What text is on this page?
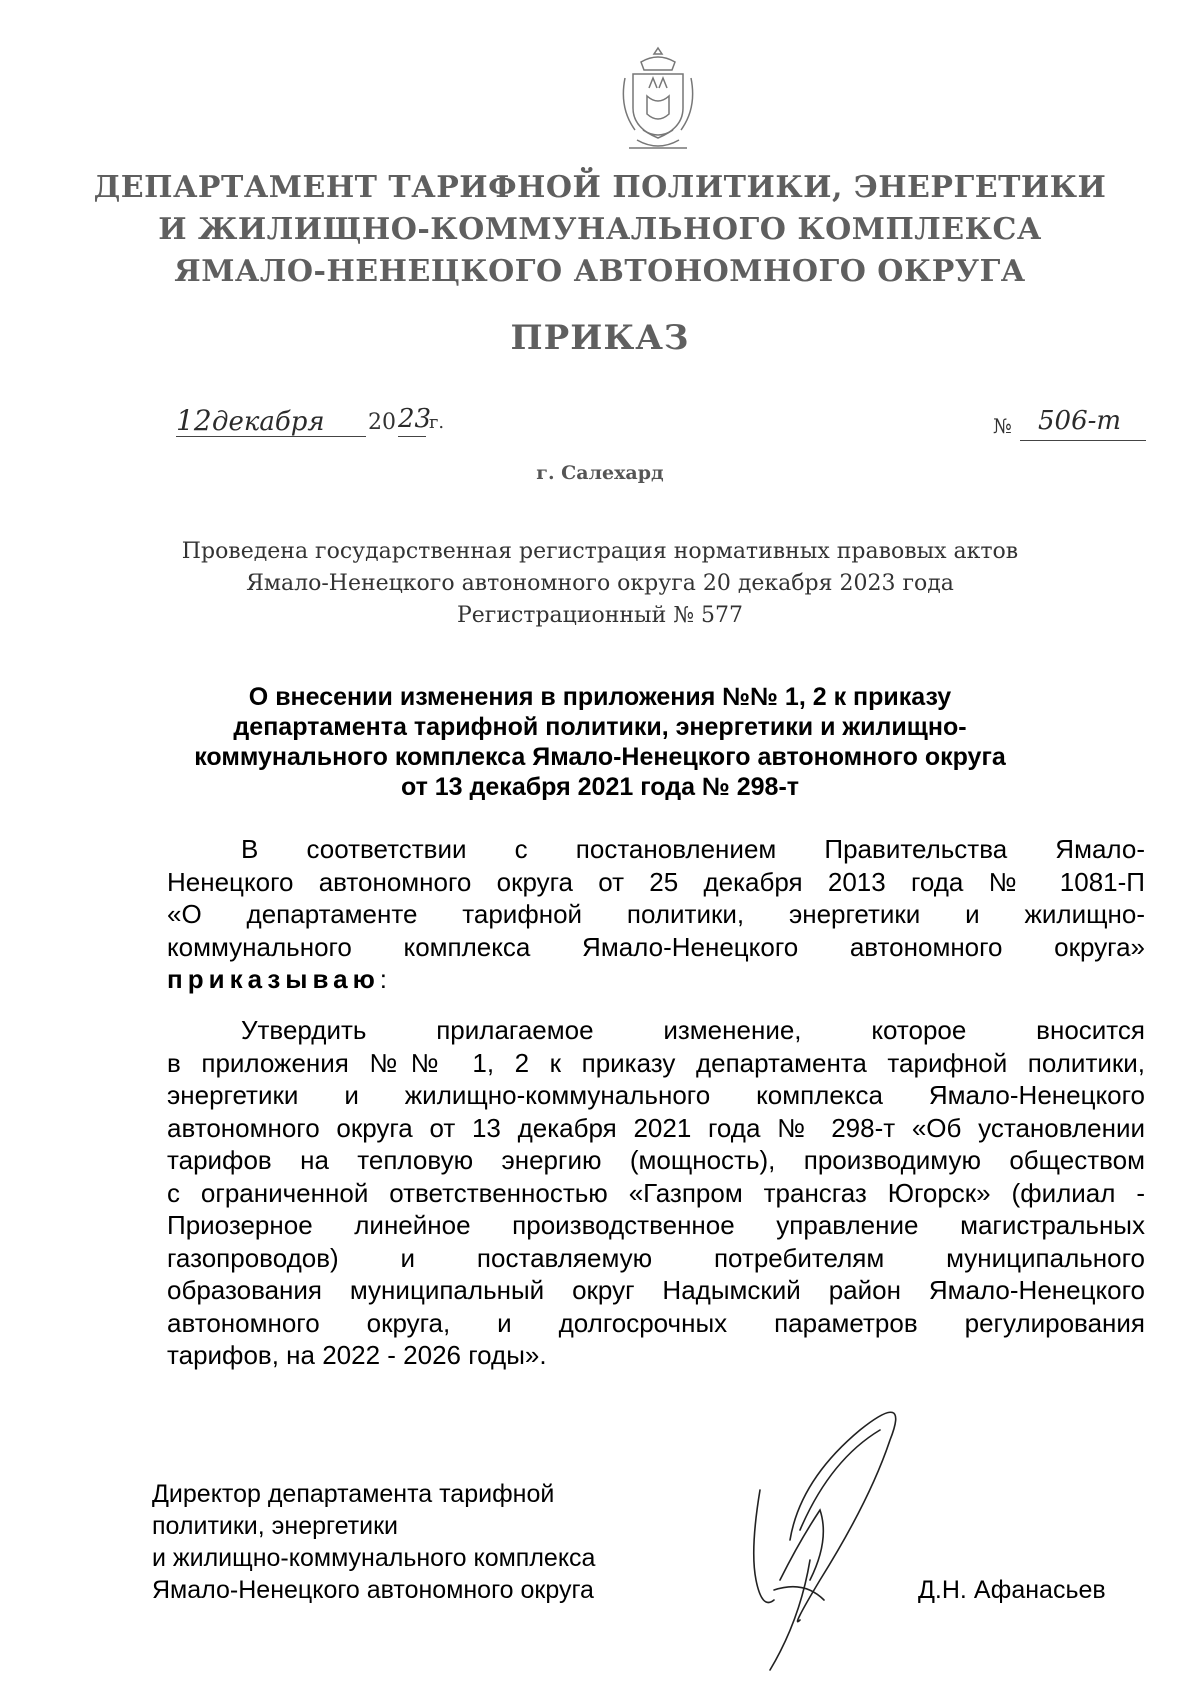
ДЕПАРТАМЕНТ ТАРИФНОЙ ПОЛИТИКИ, ЭНЕРГЕТИКИ
И ЖИЛИЩНО-КОММУНАЛЬНОГО КОМПЛЕКСА
ЯМАЛО-НЕНЕЦКОГО АВТОНОМНОГО ОКРУГА
ПРИКАЗ
12 декабря 20 23
г.	№ 506-т
г. Салехард
Проведена государственная регистрация нормативных правовых актов
Ямало-Ненецкого автономного округа 20 декабря 2023 года
Регистрационный № 577
О внесении изменения в приложения №№ 1, 2 к приказу
департамента тарифной политики, энергетики и жилищно-
коммунального комплекса Ямало-Ненецкого автономного округа
от 13 декабря 2021 года № 298-т
В соответствии с постановлением Правительства Ямало-
Ненецкого автономного округа от 25 декабря 2013 года № 1081-П
«О департаменте тарифной политики, энергетики и жилищно-
коммунального комплекса Ямало-Ненецкого автономного округа»
приказываю:
Утвердить прилагаемое изменение, которое вносится
в приложения №№ 1, 2 к приказу департамента тарифной политики,
энергетики и жилищно-коммунального комплекса Ямало-Ненецкого
автономного округа от 13 декабря 2021 года № 298-т «Об установлении
тарифов на тепловую энергию (мощность), производимую обществом
с ограниченной ответственностью «Газпром трансгаз Югорск» (филиал -
Приозерное линейное производственное управление магистральных
газопроводов) и поставляемую потребителям муниципального
образования муниципальный округ Надымский район Ямало-Ненецкого
автономного округа, и долгосрочных параметров регулирования
тарифов, на 2022 - 2026 годы».
Директор департамента тарифной
политики, энергетики
и жилищно-коммунального комплекса
Ямало-Ненецкого автономного округа	Д.Н. Афанасьев
